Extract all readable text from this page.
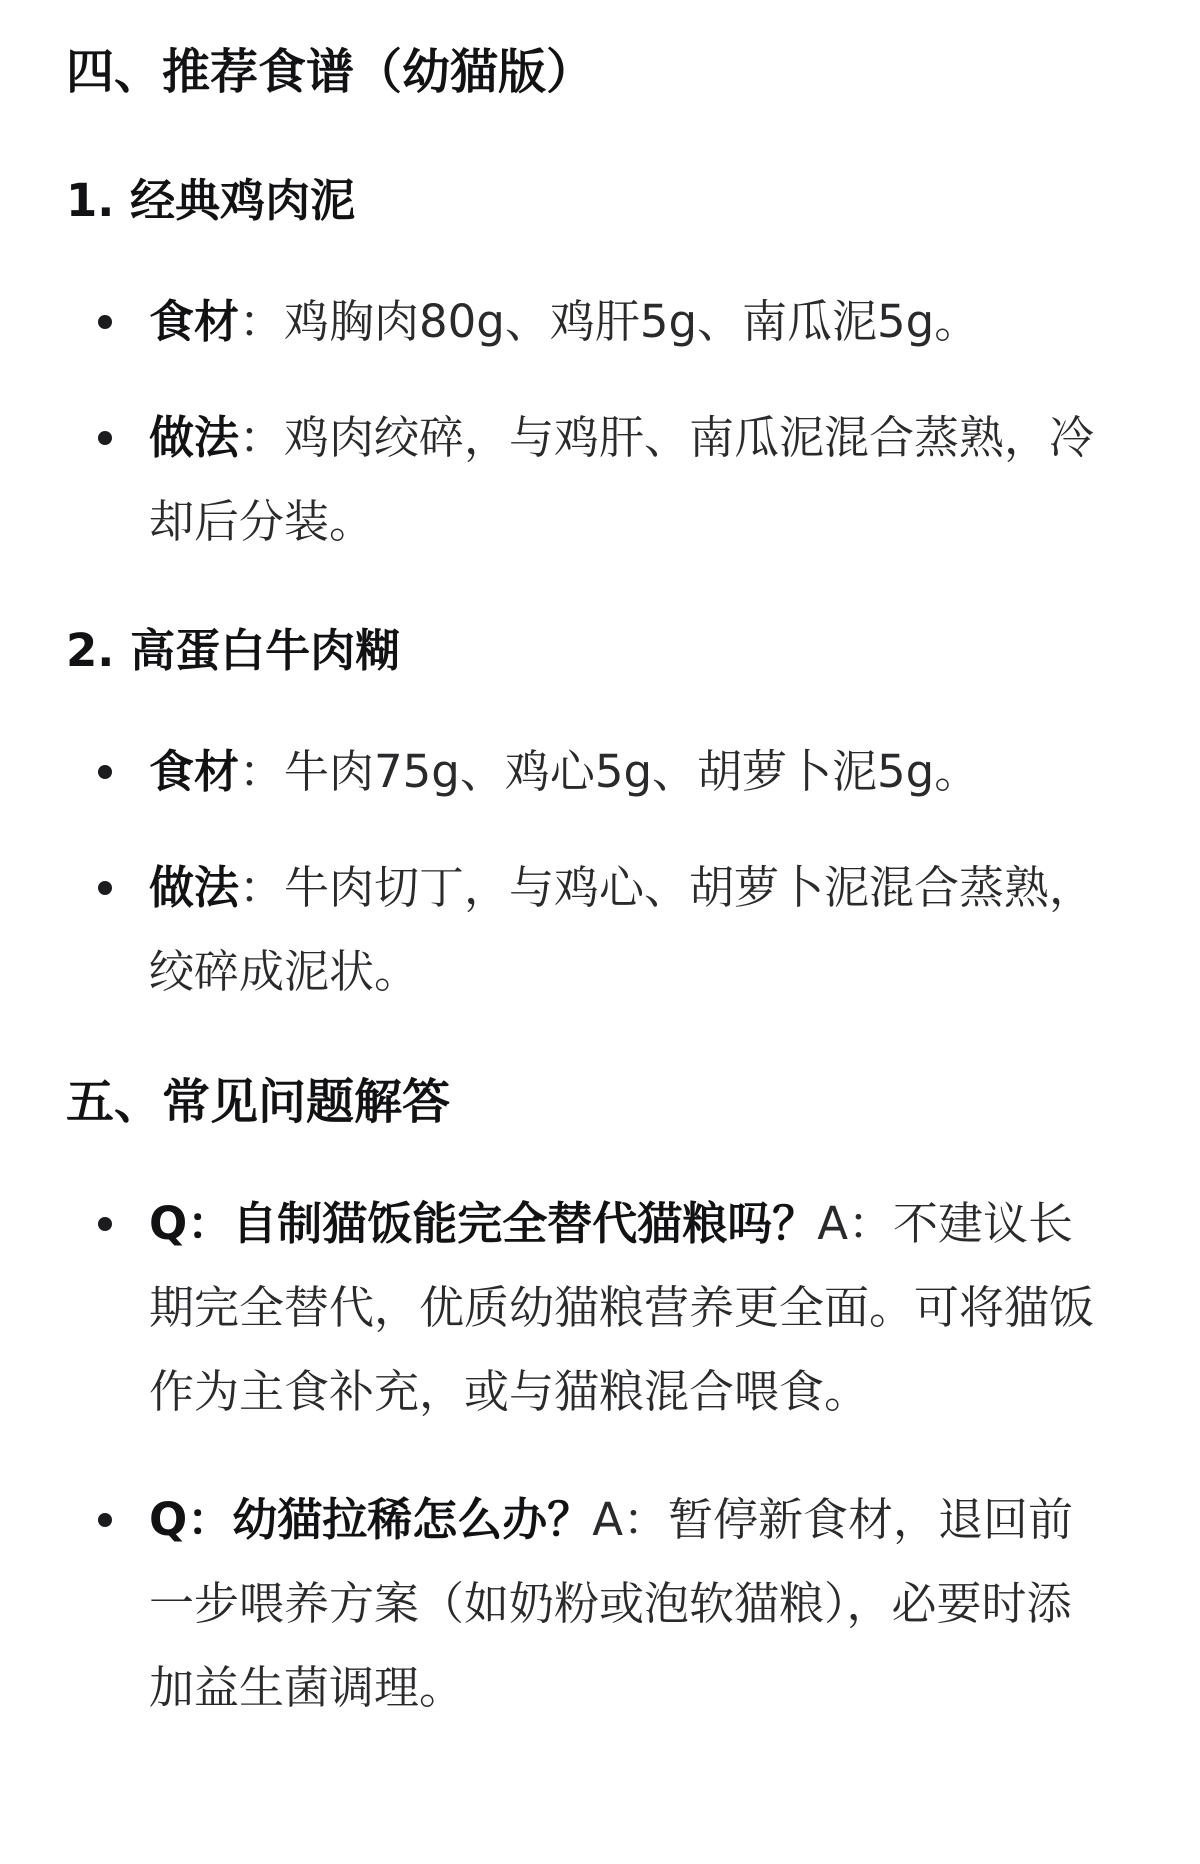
四、推荐食谱（幼猫版）
1. 经典鸡肉泥
食材：鸡胸肉80g、鸡肝5g、南瓜泥5g。
做法：鸡肉绞碎，与鸡肝、南瓜泥混合蒸熟，冷却后分装。
2. 高蛋白牛肉糊
食材：牛肉75g、鸡心5g、胡萝卜泥5g。
做法：牛肉切丁，与鸡心、胡萝卜泥混合蒸熟，绞碎成泥状。
五、常见问题解答
Q：自制猫饭能完全替代猫粮吗？A：不建议长期完全替代，优质幼猫粮营养更全面。可将猫饭作为主食补充，或与猫粮混合喂食。
Q：幼猫拉稀怎么办？A：暂停新食材，退回前一步喂养方案（如奶粉或泡软猫粮），必要时添加益生菌调理。
